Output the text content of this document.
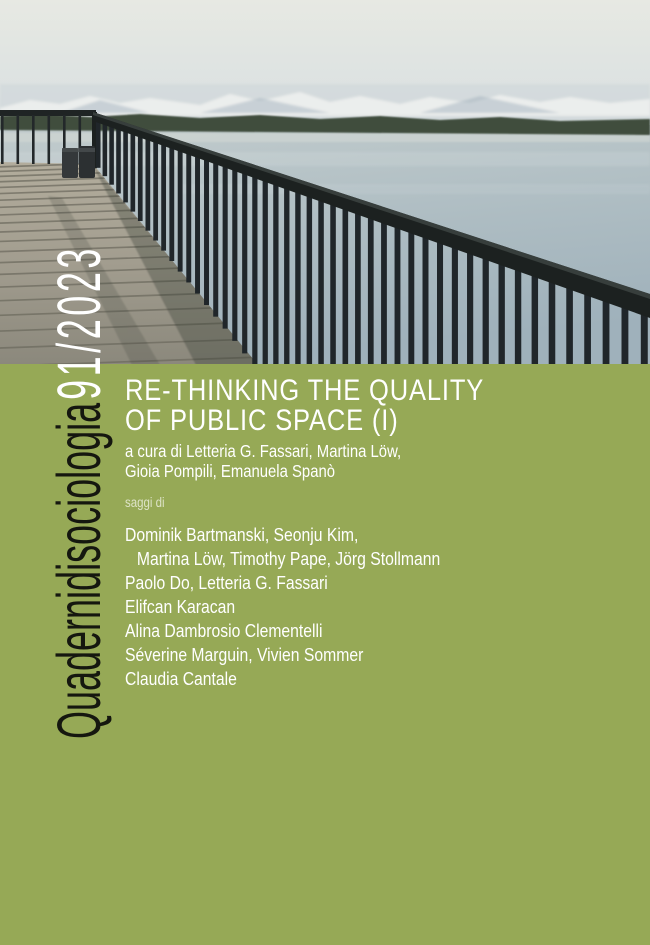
Quadernidisociologia91/2023 RE-THINKING THE QUALITY
OF PUBLIC SPACE (I)
a cura di Letteria G. Fassari, Martina Löw,
Gioia Pompili, Emanuela Spanò
saggi di
Dominik Bartmanski, Seonju Kim,
Martina Löw, Timothy Pape, Jörg Stollmann
Paolo Do, Letteria G. Fassari
Elifcan Karacan
Alina Dambrosio Clementelli
Séverine Marguin, Vivien Sommer
Claudia Cantale
